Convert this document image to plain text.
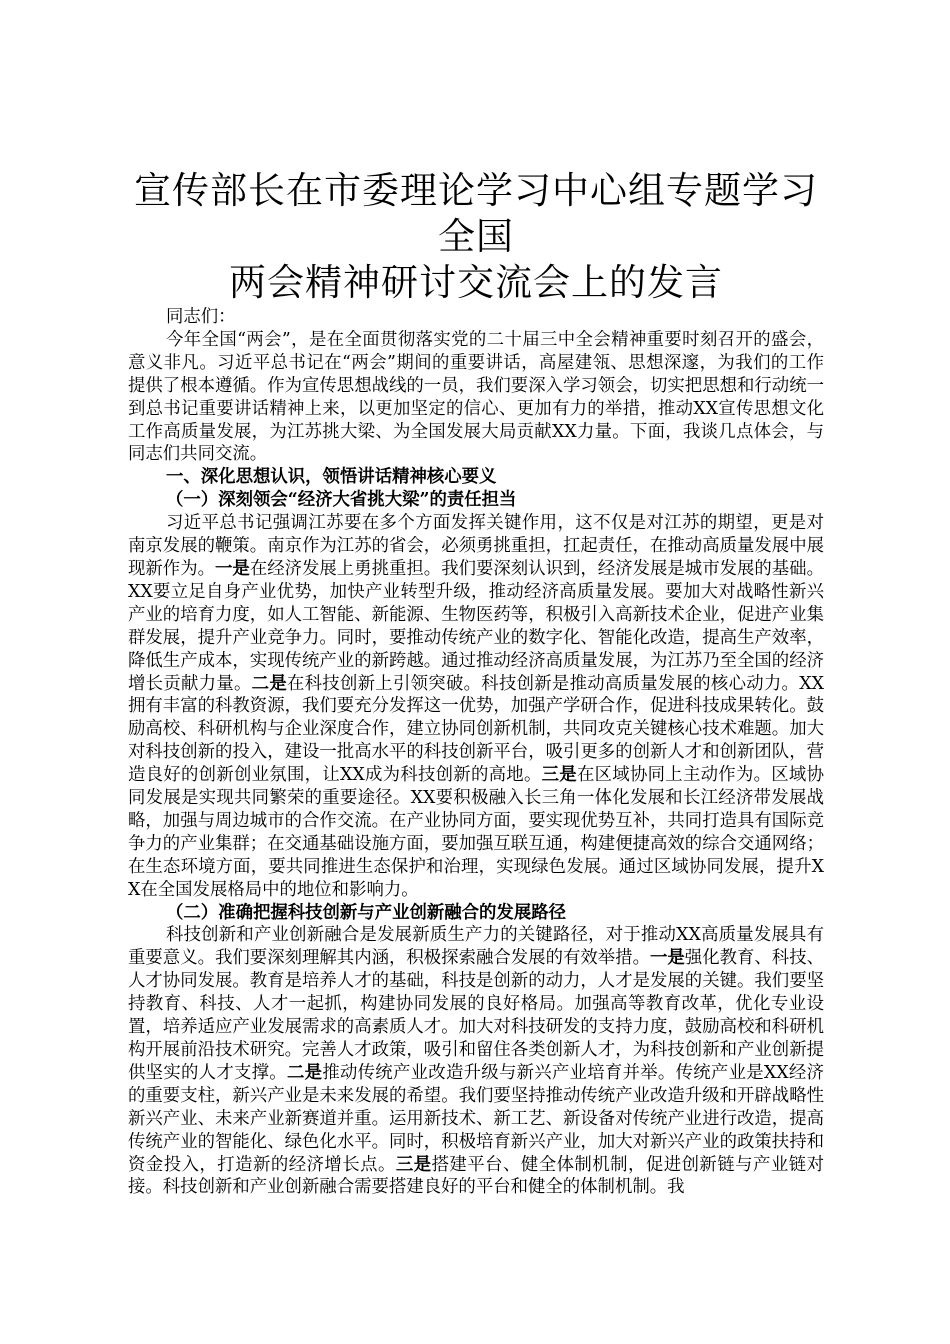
宣传部长在市委理论学习中心组专题学习全国
两会精神研讨交流会上的发言

同志们：

今年全国“两会”，是在全面贯彻落实党的二十届三中全会精神重要时刻召开的盛会，意义非凡。习近平总书记在“两会”期间的重要讲话，高屋建瓴、思想深邃，为我们的工作提供了根本遵循。作为宣传思想战线的一员，我们要深入学习领会，切实把思想和行动统一到总书记重要讲话精神上来，以更加坚定的信心、更加有力的举措，推动XX宣传思想文化工作高质量发展，为江苏挑大梁、为全国发展大局贡献XX力量。下面，我谈几点体会，与同志们共同交流。

一、深化思想认识，领悟讲话精神核心要义

（一）深刻领会“经济大省挑大梁”的责任担当

习近平总书记强调江苏要在多个方面发挥关键作用，这不仅是对江苏的期望，更是对南京发展的鞭策。南京作为江苏的省会，必须勇挑重担，扛起责任，在推动高质量发展中展现新作为。一是在经济发展上勇挑重担。我们要深刻认识到，经济发展是城市发展的基础。XX要立足自身产业优势，加快产业转型升级，推动经济高质量发展。要加大对战略性新兴产业的培育力度，如人工智能、新能源、生物医药等，积极引入高新技术企业，促进产业集群发展，提升产业竞争力。同时，要推动传统产业的数字化、智能化改造，提高生产效率，降低生产成本，实现传统产业的新跨越。通过推动经济高质量发展，为江苏乃至全国的经济增长贡献力量。二是在科技创新上引领突破。科技创新是推动高质量发展的核心动力。XX拥有丰富的科教资源，我们要充分发挥这一优势，加强产学研合作，促进科技成果转化。鼓励高校、科研机构与企业深度合作，建立协同创新机制，共同攻克关键核心技术难题。加大对科技创新的投入，建设一批高水平的科技创新平台，吸引更多的创新人才和创新团队，营造良好的创新创业氛围，让XX成为科技创新的高地。三是在区域协同上主动作为。区域协同发展是实现共同繁荣的重要途径。XX要积极融入长三角一体化发展和长江经济带发展战略，加强与周边城市的合作交流。在产业协同方面，要实现优势互补，共同打造具有国际竞争力的产业集群；在交通基础设施方面，要加强互联互通，构建便捷高效的综合交通网络；在生态环境方面，要共同推进生态保护和治理，实现绿色发展。通过区域协同发展，提升XX在全国发展格局中的地位和影响力。

（二）准确把握科技创新与产业创新融合的发展路径

科技创新和产业创新融合是发展新质生产力的关键路径，对于推动XX高质量发展具有重要意义。我们要深刻理解其内涵，积极探索融合发展的有效举措。一是强化教育、科技、人才协同发展。教育是培养人才的基础，科技是创新的动力，人才是发展的关键。我们要坚持教育、科技、人才一起抓，构建协同发展的良好格局。加强高等教育改革，优化专业设置，培养适应产业发展需求的高素质人才。加大对科技研发的支持力度，鼓励高校和科研机构开展前沿技术研究。完善人才政策，吸引和留住各类创新人才，为科技创新和产业创新提供坚实的人才支撑。二是推动传统产业改造升级与新兴产业培育并举。传统产业是XX经济的重要支柱，新兴产业是未来发展的希望。我们要坚持推动传统产业改造升级和开辟战略性新兴产业、未来产业新赛道并重。运用新技术、新工艺、新设备对传统产业进行改造，提高传统产业的智能化、绿色化水平。同时，积极培育新兴产业，加大对新兴产业的政策扶持和资金投入，打造新的经济增长点。三是搭建平台、健全体制机制，促进创新链与产业链对接。科技创新和产业创新融合需要搭建良好的平台和健全的体制机制。我
